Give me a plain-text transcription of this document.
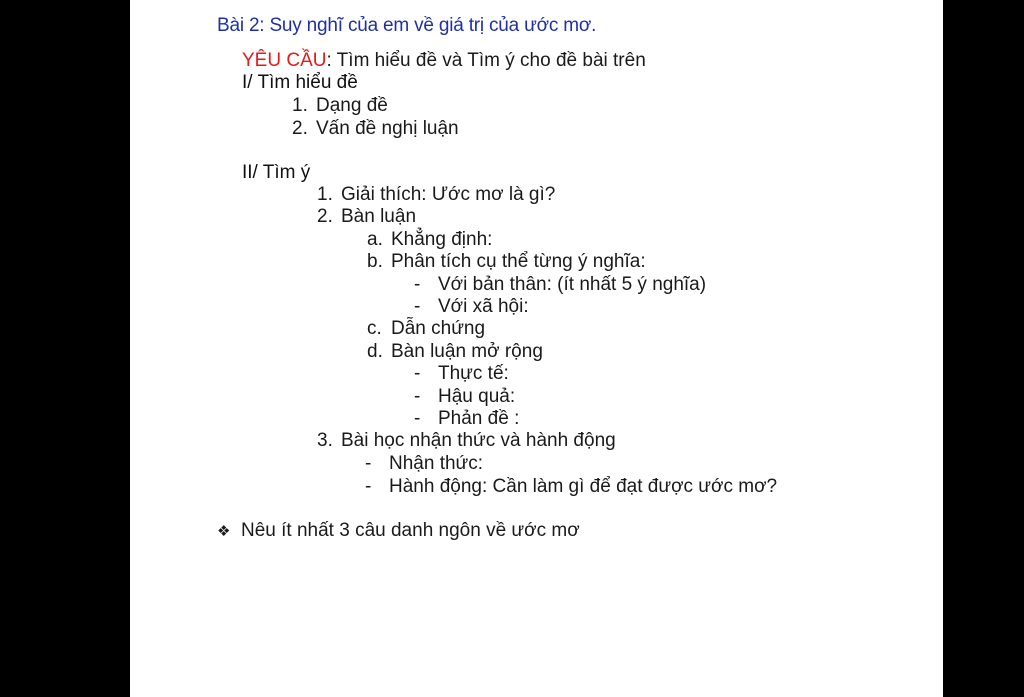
Bài 2: Suy nghĩ của em về giá trị của ước mơ.
YÊU CẦU: Tìm hiểu đề và Tìm ý cho đề bài trên
I/ Tìm hiểu đề
1. Dạng đề
2. Vấn đề nghị luận
II/ Tìm ý
1. Giải thích: Ước mơ là gì?
2. Bàn luận
a. Khẳng định:
b. Phân tích cụ thể từng ý nghĩa:
- Với bản thân: (ít nhất 5 ý nghĩa)
- Với xã hội:
c. Dẫn chứng
d. Bàn luận mở rộng
- Thực tế:
- Hậu quả:
- Phản đề :
3. Bài học nhận thức và hành động
- Nhận thức:
- Hành động: Cần làm gì để đạt được ước mơ?
❖ Nêu ít nhất 3 câu danh ngôn về ước mơ
